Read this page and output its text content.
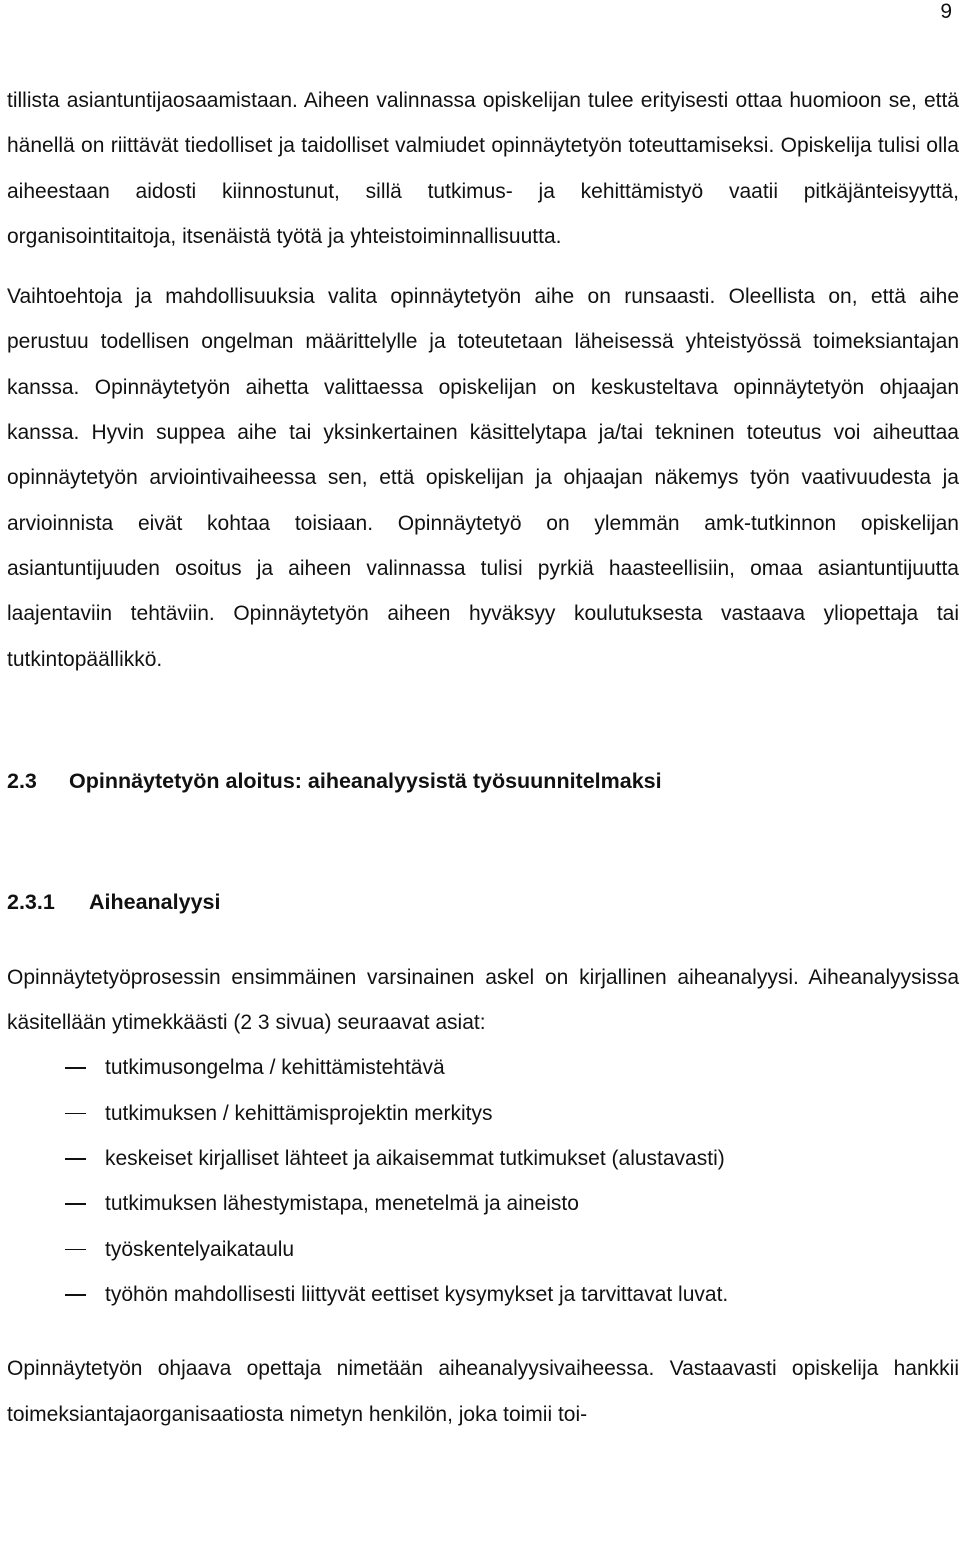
9

tillista asiantuntijaosaamistaan. Aiheen valinnassa opiskelijan tulee erityisesti ottaa huomioon se, että hänellä on riittävät tiedolliset ja taidolliset valmiudet opinnäytetyön toteuttamiseksi. Opiskelija tulisi olla aiheestaan aidosti kiinnostunut, sillä tutkimus- ja kehittämistyö vaatii pitkäjänteisyyttä, organisointitaitoja, itsenäistä työtä ja yhteistoiminnallisuutta.

Vaihtoehtoja ja mahdollisuuksia valita opinnäytetyön aihe on runsaasti. Oleellista on, että aihe perustuu todellisen ongelman määrittelylle ja toteutetaan läheisessä yhteistyössä toimeksiantajan kanssa. Opinnäytetyön aihetta valittaessa opiskelijan on keskusteltava opinnäytetyön ohjaajan kanssa. Hyvin suppea aihe tai yksinkertainen käsittelytapa ja/tai tekninen toteutus voi aiheuttaa opinnäytetyön arviointivaiheessa sen, että opiskelijan ja ohjaajan näkemys työn vaativuudesta ja arvioinnista eivät kohtaa toisiaan. Opinnäytetyö on ylemmän amk-tutkinnon opiskelijan asiantuntijuuden osoitus ja aiheen valinnassa tulisi pyrkiä haasteellisiin, omaa asiantuntijuutta laajentaviin tehtäviin. Opinnäytetyön aiheen hyväksyy koulutuksesta vastaava yliopettaja tai tutkintopäällikkö.

2.3 Opinnäytetyön aloitus: aiheanalyysistä työsuunnitelmaksi
2.3.1 Aiheanalyysi

Opinnäytetyöprosessin ensimmäinen varsinainen askel on kirjallinen aiheanalyysi. Aiheanalyysissa käsitellään ytimekkäästi (2 3 sivua) seuraavat asiat:

tutkimusongelma / kehittämistehtävä
tutkimuksen / kehittämisprojektin merkitys
keskeiset kirjalliset lähteet ja aikaisemmat tutkimukset (alustavasti)
tutkimuksen lähestymistapa, menetelmä ja aineisto
työskentelyaikataulu
työhön mahdollisesti liittyvät eettiset kysymykset ja tarvittavat luvat.

Opinnäytetyön ohjaava opettaja nimetään aiheanalyysivaiheessa. Vastaavasti opiskelija hankkii toimeksiantajaorganisaatiosta nimetyn henkilön, joka toimii toi-
